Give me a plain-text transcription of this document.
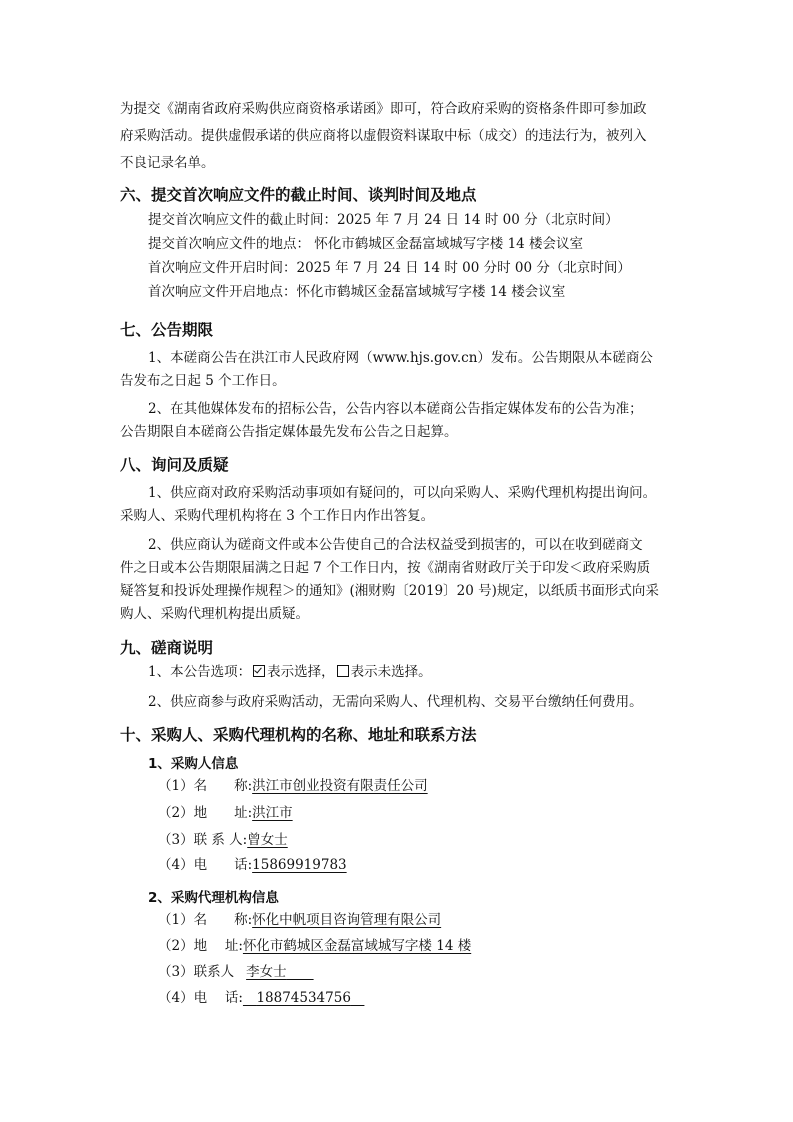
为提交《湖南省政府采购供应商资格承诺函》即可，符合政府采购的资格条件即可参加政
府采购活动。提供虚假承诺的供应商将以虚假资料谋取中标（成交）的违法行为，被列入
不良记录名单。
六、提交首次响应文件的截止时间、谈判时间及地点
提交首次响应文件的截止时间：2025 年 7 月 24 日 14 时 00 分（北京时间）
提交首次响应文件的地点： 怀化市鹤城区金磊富域城写字楼 14 楼会议室
首次响应文件开启时间：2025 年 7 月 24 日 14 时 00 分时 00 分（北京时间）
首次响应文件开启地点：怀化市鹤城区金磊富域城写字楼 14 楼会议室
七、公告期限
1、本磋商公告在洪江市人民政府网（www.hjs.gov.cn）发布。公告期限从本磋商公
告发布之日起 5 个工作日。
2、在其他媒体发布的招标公告，公告内容以本磋商公告指定媒体发布的公告为准；
公告期限自本磋商公告指定媒体最先发布公告之日起算。
八、询问及质疑
1、供应商对政府采购活动事项如有疑问的，可以向采购人、采购代理机构提出询问。
采购人、采购代理机构将在 3 个工作日内作出答复。
2、供应商认为磋商文件或本公告使自己的合法权益受到损害的，可以在收到磋商文
件之日或本公告期限届满之日起 7 个工作日内，按《湖南省财政厅关于印发＜政府采购质
疑答复和投诉处理操作规程＞的通知》(湘财购〔2019〕20 号)规定，以纸质书面形式向采
购人、采购代理机构提出质疑。
九、磋商说明
1、本公告选项： 表示选择， 表示未选择。
2、供应商参与政府采购活动，无需向采购人、代理机构、交易平台缴纳任何费用。
十、采购人、采购代理机构的名称、地址和联系方法
1、采购人信息
（1）名　　称:洪江市创业投资有限责任公司
（2）地　　址:洪江市
（3）联 系 人:曾女士
（4）电　　话:15869919783
2、采购代理机构信息
（1）名　　称:怀化中帆项目咨询管理有限公司
（2）地　 址:怀化市鹤城区金磊富域城写字楼 14 楼
（3）联系人 李女士  
（4）电　 话:  18874534756 
